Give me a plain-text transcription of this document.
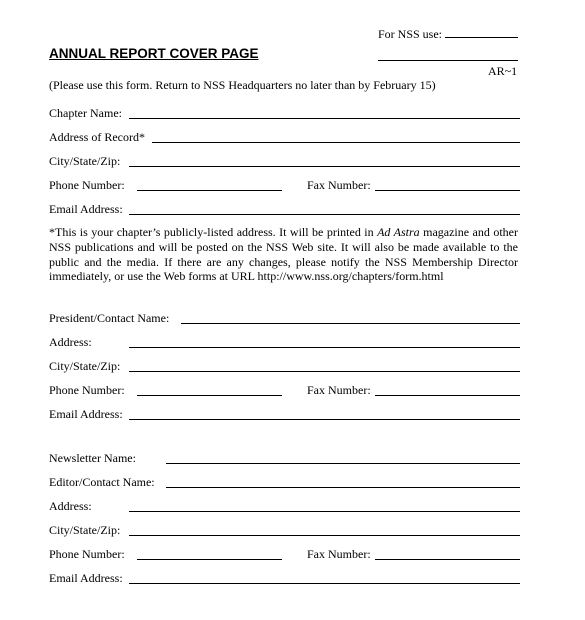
For NSS use:
ANNUAL REPORT COVER PAGE
AR~1
(Please use this form. Return to NSS Headquarters no later than by February 15)
Chapter Name:
Address of Record*
City/State/Zip:
Phone Number:	Fax Number:
Email Address:
*This is your chapter’s publicly-listed address. It will be printed in Ad Astra magazine and other NSS publications and will be posted on the NSS Web site. It will also be made available to the public and the media. If there are any changes, please notify the NSS Membership Director immediately, or use the Web forms at URL http://www.nss.org/chapters/form.html
President/Contact Name:
Address:
City/State/Zip:
Phone Number:	Fax Number:
Email Address:
Newsletter Name:
Editor/Contact Name:
Address:
City/State/Zip:
Phone Number:	Fax Number:
Email Address:
